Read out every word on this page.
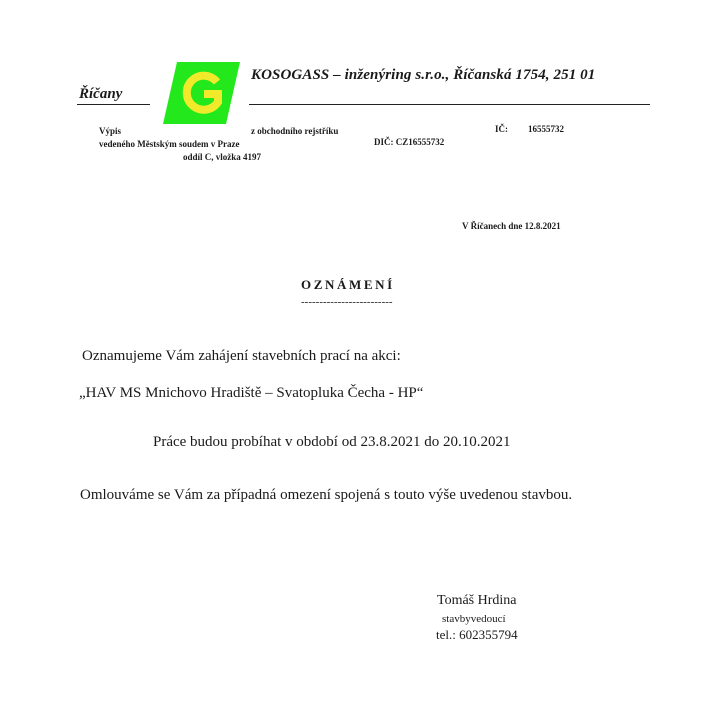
Říčany
KOSOGASS – inženýring s.r.o., Říčanská 1754, 251 01
Výpis	z obchodního rejstříku
vedeného Městským soudem v Praze
oddíl C, vložka 4197
DIČ: CZ16555732
IČ: 16555732
V Říčanech dne 12.8.2021
OZNÁMENÍ
-------------------------
Oznamujeme Vám zahájení stavebních prací na akci:
„HAV MS Mnichovo Hradiště – Svatopluka Čecha - HP“
Práce budou probíhat v období od 23.8.2021 do 20.10.2021
Omlouváme se Vám za případná omezení spojená s touto výše uvedenou stavbou.
Tomáš Hrdina
stavbyvedoucí
tel.: 602355794
